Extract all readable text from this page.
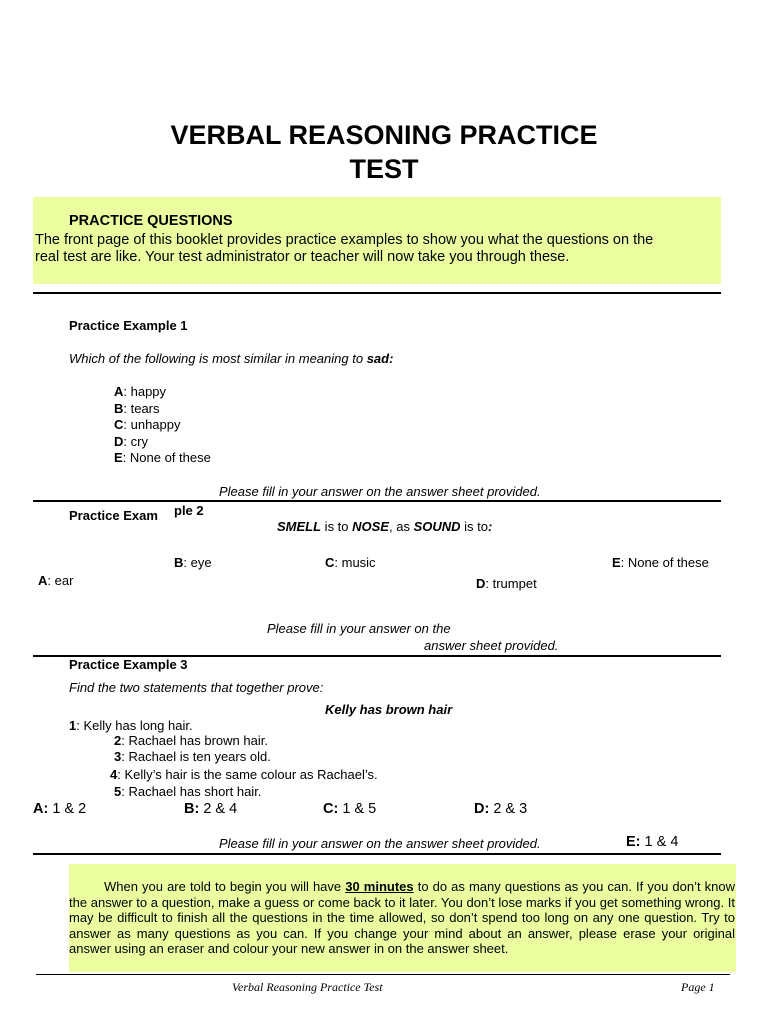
VERBAL REASONING PRACTICE
TEST
PRACTICE QUESTIONS
The front page of this booklet provides practice examples to show you what the questions on the
real test are like. Your test administrator or teacher will now take you through these.
Practice Example 1
Which of the following is most similar in meaning to sad:
A: happy
B: tears
C: unhappy
D: cry
E: None of these
Please fill in your answer on the answer sheet provided.
Practice Exam ple 2
SMELL is to NOSE, as SOUND is to:
B: eye	C: music	E: None of these
A: ear	D: trumpet
Please fill in your answer on the
answer sheet provided.
Practice Example 3
Find the two statements that together prove:
Kelly has brown hair
1: Kelly has long hair.
2: Rachael has brown hair.
3: Rachael is ten years old.
4: Kelly’s hair is the same colour as Rachael’s.
5: Rachael has short hair.
A: 1 & 2	B: 2 & 4	C: 1 & 5	D: 2 & 3
Please fill in your answer on the answer sheet provided.	E: 1 & 4
When you are told to begin you will have 30 minutes to do as many questions as you can. If you don’t know the answer to a question, make a guess or come back to it later. You don’t lose marks if you get something wrong. It may be difficult to finish all the questions in the time allowed, so don’t spend too long on any one question. Try to answer as many questions as you can. If you change your mind about an answer, please erase your original answer using an eraser and colour your new answer in on the answer sheet.
Verbal Reasoning Practice Test	Page 1
